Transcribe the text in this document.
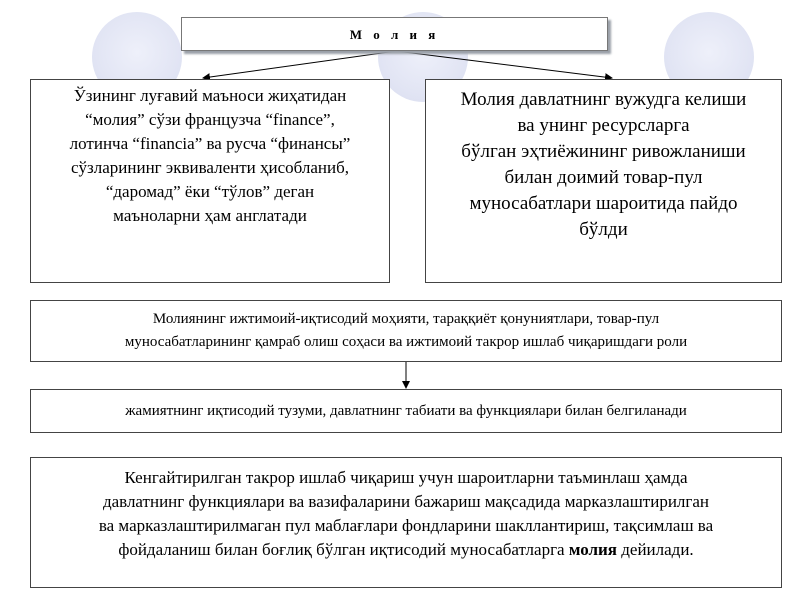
М о л и я
Ўзининг луғавий маъноси жиҳатидан
“молия” сўзи французча “finance”,
лотинча “financia” ва русча “финансы”
сўзларининг эквиваленти ҳисобланиб,
“даромад” ёки “тўлов” деган
маъноларни ҳам англатади
Молия давлатнинг вужудга келиши
ва унинг ресурсларга
бўлган эҳтиёжининг ривожланиши
билан доимий товар-пул
муносабатлари шароитида пайдо
бўлди
Молиянинг ижтимоий-иқтисодий моҳияти, тараққиёт қонуниятлари, товар-пул
муносабатларининг қамраб олиш соҳаси ва ижтимоий такрор ишлаб чиқаришдаги роли
жамиятнинг иқтисодий тузуми, давлатнинг табиати ва функциялари билан белгиланади
Кенгайтирилган такрор ишлаб чиқариш учун шароитларни таъминлаш ҳамда
давлатнинг функциялари ва вазифаларини бажариш мақсадида марказлаштирилган
ва марказлаштирилмаган пул маблағлари фондларини шакллантириш, тақсимлаш ва
фойдаланиш билан боғлиқ бўлган иқтисодий муносабатларга молия дейилади.
